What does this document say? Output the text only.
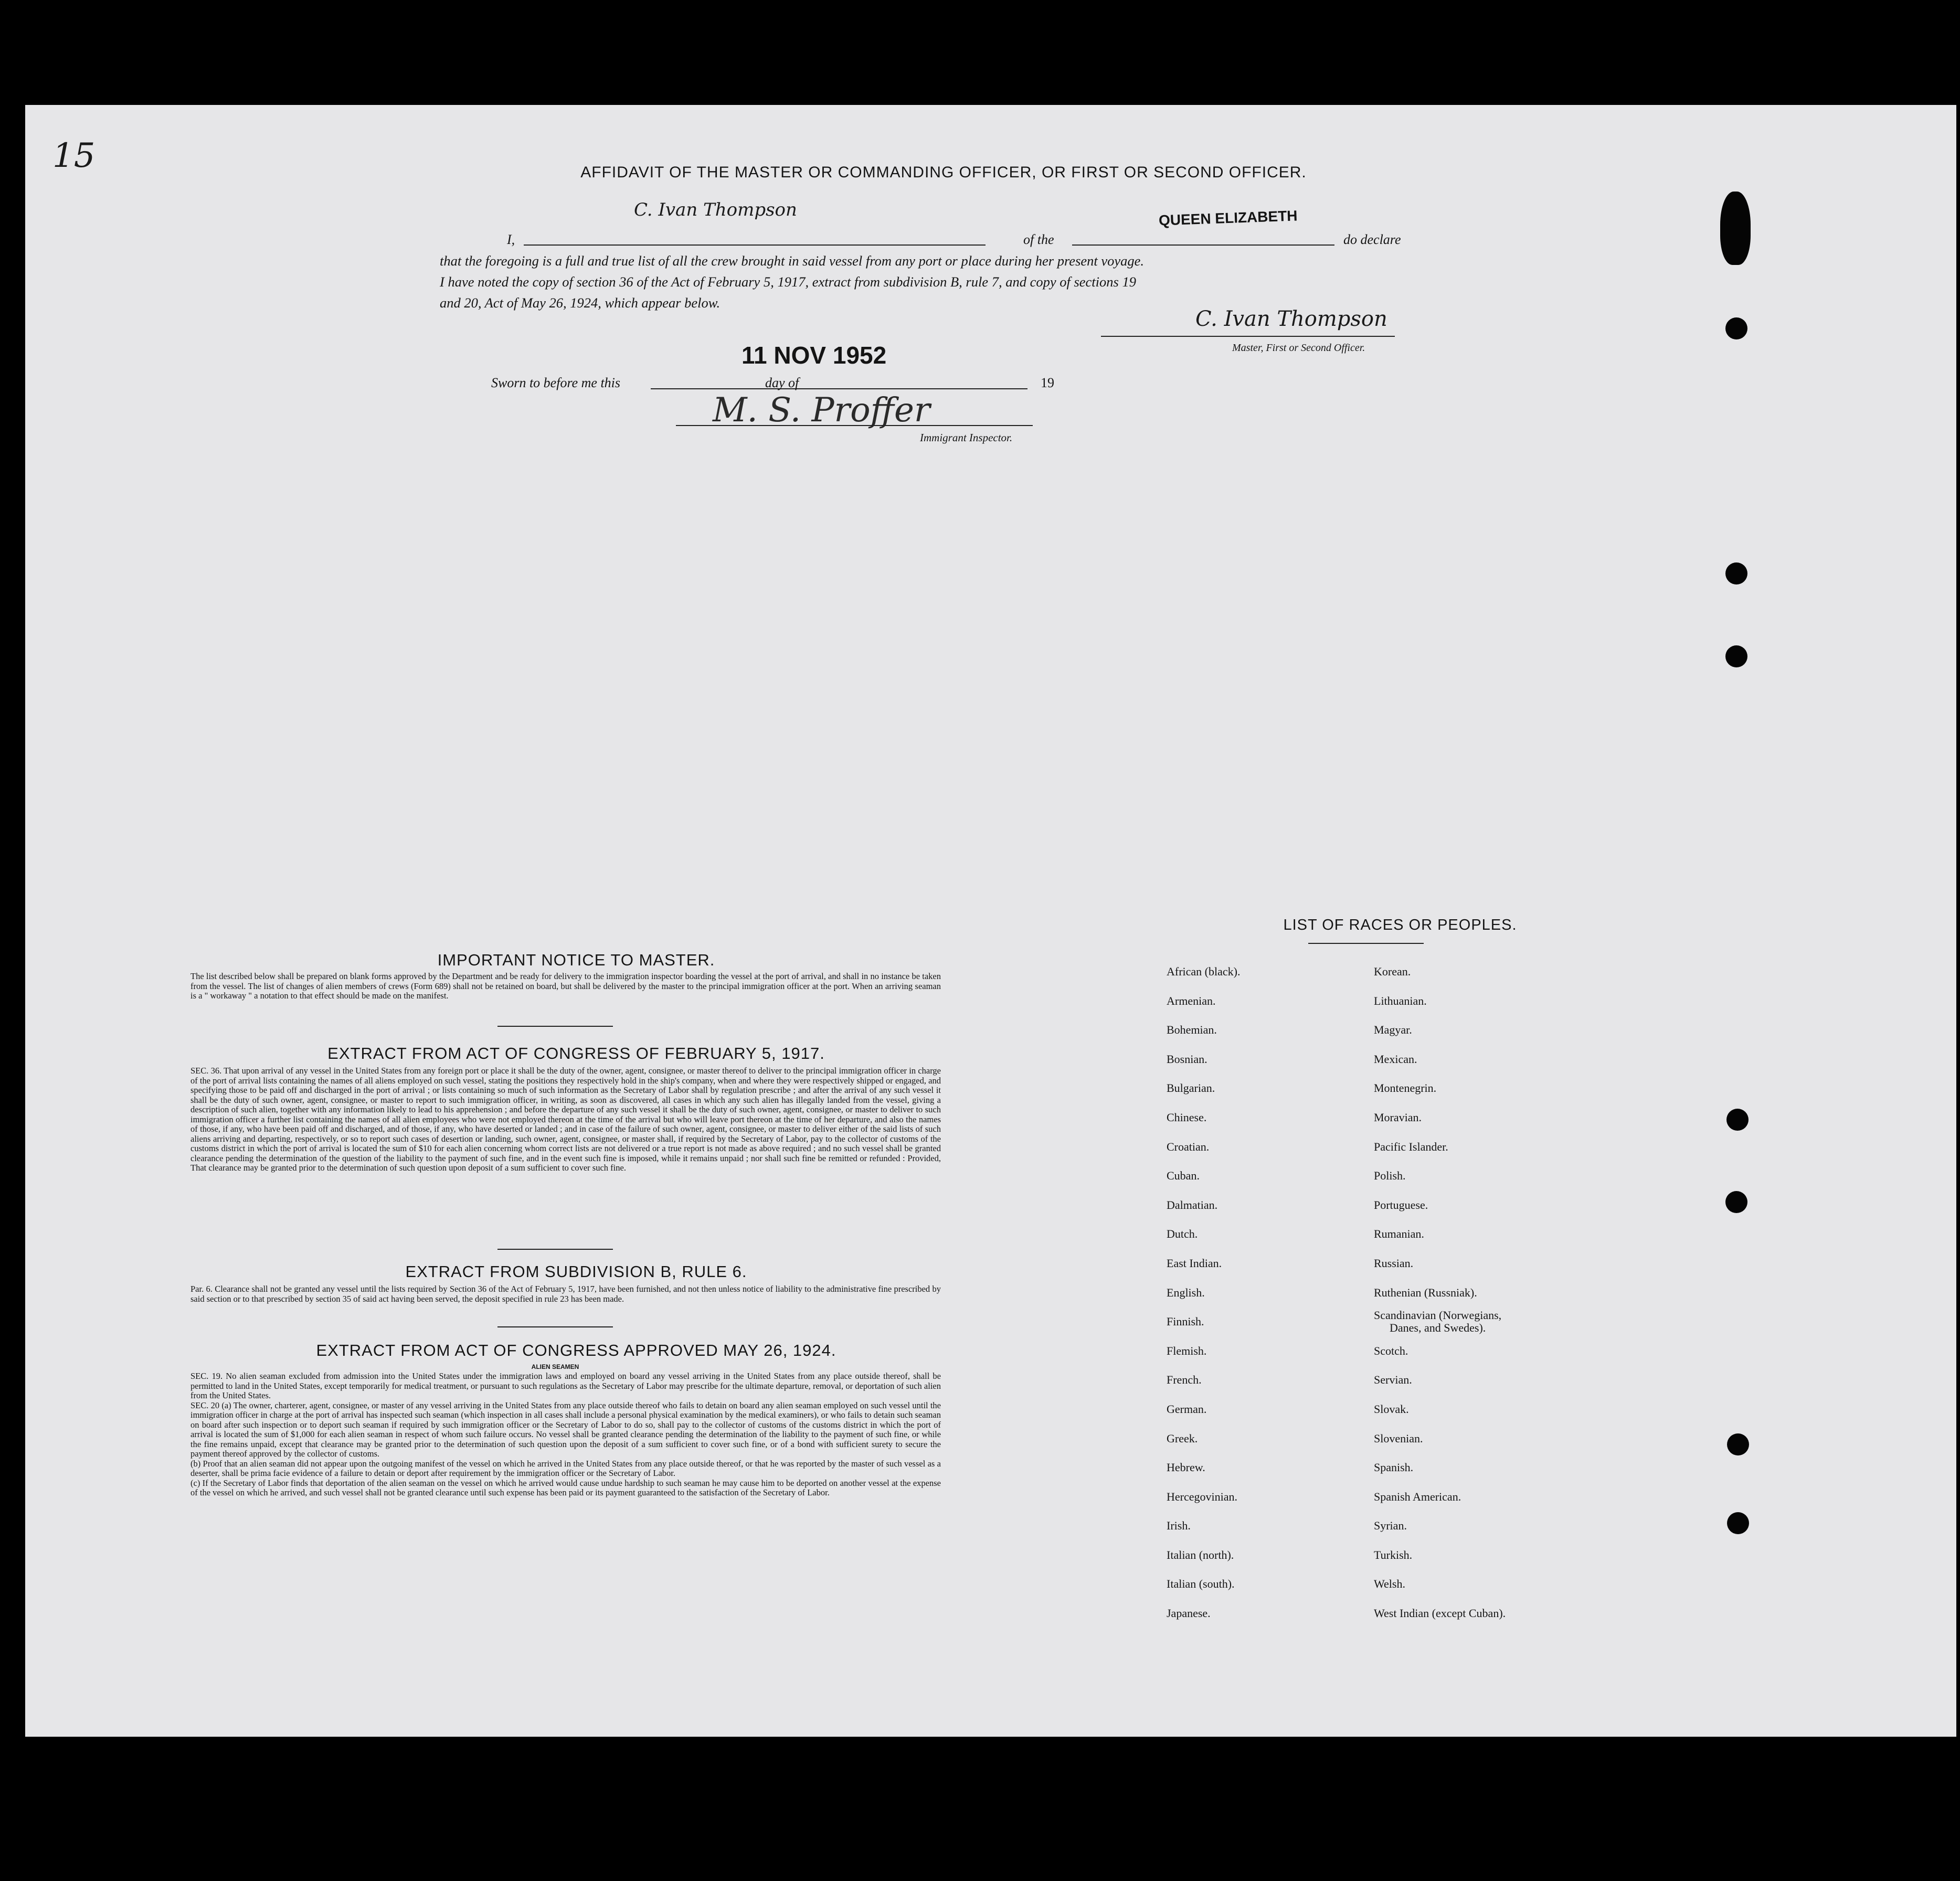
15	AFFIDAVIT OF THE MASTER OR COMMANDING OFFICER, OR FIRST OR SECOND OFFICER.
C. Ivan Thompson
I,	of the
QUEEN ELIZABETH
do declare
that the foregoing is a full and true list of all the crew brought in said vessel from any port or place during her present voyage.
I have noted the copy of section 36 of the Act of February 5, 1917, extract from subdivision B, rule 7, and copy of sections 19
and 20, Act of May 26, 1924, which appear below.
C. Ivan Thompson
Master, First or Second Officer.
11 NOV 1952
Sworn to before me this	day of	19
M. S. Proffer
Immigrant Inspector.
IMPORTANT NOTICE TO MASTER.

The list described below shall be prepared on blank forms approved by the Department and be ready for delivery to the immigration inspector boarding the vessel at the port of arrival, and shall in no instance be taken from the vessel. The list of changes of alien members of crews (Form 689) shall not be retained on board, but shall be delivered by the master to the principal immigration officer at the port. When an arriving seaman is a " workaway " a notation to that effect should be made on the manifest.

EXTRACT FROM ACT OF CONGRESS OF FEBRUARY 5, 1917.

SEC. 36. That upon arrival of any vessel in the United States from any foreign port or place it shall be the duty of the owner, agent, consignee, or master thereof to deliver to the principal immigration officer in charge of the port of arrival lists containing the names of all aliens employed on such vessel, stating the positions they respectively hold in the ship's company, when and where they were respectively shipped or engaged, and specifying those to be paid off and discharged in the port of arrival ; or lists containing so much of such information as the Secretary of Labor shall by regulation prescribe ; and after the arrival of any such vessel it shall be the duty of such owner, agent, consignee, or master to report to such immigration officer, in writing, as soon as discovered, all cases in which any such alien has illegally landed from the vessel, giving a description of such alien, together with any information likely to lead to his apprehension ; and before the departure of any such vessel it shall be the duty of such owner, agent, consignee, or master to deliver to such immigration officer a further list containing the names of all alien employees who were not employed thereon at the time of the arrival but who will leave port thereon at the time of her departure, and also the names of those, if any, who have been paid off and discharged, and of those, if any, who have deserted or landed ; and in case of the failure of such owner, agent, consignee, or master to deliver either of the said lists of such aliens arriving and departing, respectively, or so to report such cases of desertion or landing, such owner, agent, consignee, or master shall, if required by the Secretary of Labor, pay to the collector of customs of the customs district in which the port of arrival is located the sum of $10 for each alien concerning whom correct lists are not delivered or a true report is not made as above required ; and no such vessel shall be granted clearance pending the determination of the question of the liability to the payment of such fine, and in the event such fine is imposed, while it remains unpaid ; nor shall such fine be remitted or refunded : Provided, That clearance may be granted prior to the determination of such question upon deposit of a sum sufficient to cover such fine.

EXTRACT FROM SUBDIVISION B, RULE 6.

Par. 6. Clearance shall not be granted any vessel until the lists required by Section 36 of the Act of February 5, 1917, have been furnished, and not then unless notice of liability to the administrative fine prescribed by said section or to that prescribed by section 35 of said act having been served, the deposit specified in rule 23 has been made.

EXTRACT FROM ACT OF CONGRESS APPROVED MAY 26, 1924.
ALIEN SEAMEN

SEC. 19. No alien seaman excluded from admission into the United States under the immigration laws and employed on board any vessel arriving in the United States from any place outside thereof, shall be permitted to land in the United States, except temporarily for medical treatment, or pursuant to such regulations as the Secretary of Labor may prescribe for the ultimate departure, removal, or deportation of such alien from the United States.

SEC. 20 (a) The owner, charterer, agent, consignee, or master of any vessel arriving in the United States from any place outside thereof who fails to detain on board any alien seaman employed on such vessel until the immigration officer in charge at the port of arrival has inspected such seaman (which inspection in all cases shall include a personal physical examination by the medical examiners), or who fails to detain such seaman on board after such inspection or to deport such seaman if required by such immigration officer or the Secretary of Labor to do so, shall pay to the collector of customs of the customs district in which the port of arrival is located the sum of $1,000 for each alien seaman in respect of whom such failure occurs. No vessel shall be granted clearance pending the determination of the liability to the payment of such fine, or while the fine remains unpaid, except that clearance may be granted prior to the determination of such question upon the deposit of a sum sufficient to cover such fine, or of a bond with sufficient surety to secure the payment thereof approved by the collector of customs.

(b) Proof that an alien seaman did not appear upon the outgoing manifest of the vessel on which he arrived in the United States from any place outside thereof, or that he was reported by the master of such vessel as a deserter, shall be prima facie evidence of a failure to detain or deport after requirement by the immigration officer or the Secretary of Labor.

(c) If the Secretary of Labor finds that deportation of the alien seaman on the vessel on which he arrived would cause undue hardship to such seaman he may cause him to be deported on another vessel at the expense of the vessel on which he arrived, and such vessel shall not be granted clearance until such expense has been paid or its payment guaranteed to the satisfaction of the Secretary of Labor.

LIST OF RACES OR PEOPLES.
African (black).
Armenian.
Bohemian.
Bosnian.
Bulgarian.
Chinese.
Croatian.
Cuban.
Dalmatian.
Dutch.
East Indian.
English.
Finnish.
Flemish.
French.
German.
Greek.
Hebrew.
Hercegovinian.
Irish.
Italian (north).
Italian (south).
Japanese.
Korean.
Lithuanian.
Magyar.
Mexican.
Montenegrin.
Moravian.
Pacific Islander.
Polish.
Portuguese.
Rumanian.
Russian.
Ruthenian (Russniak).
Scandinavian (Norwegians,
Danes, and Swedes).
Scotch.
Servian.
Slovak.
Slovenian.
Spanish.
Spanish American.
Syrian.
Turkish.
Welsh.
West Indian (except Cuban).
